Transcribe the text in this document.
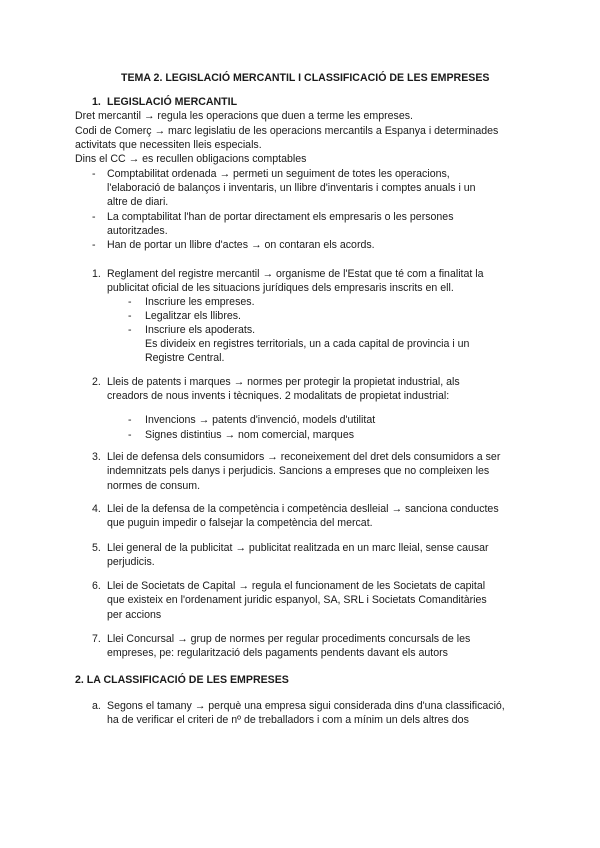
TEMA 2. LEGISLACIÓ MERCANTIL I CLASSIFICACIÓ DE LES EMPRESES
1. LEGISLACIÓ MERCANTIL
Dret mercantil → regula les operacions que duen a terme les empreses.
Codi de Comerç → marc legislatiu de les operacions mercantils a Espanya i determinades
activitats que necessiten lleis especials.
Dins el CC → es recullen obligacions comptables
- Comptabilitat ordenada → permeti un seguiment de totes les operacions,
l'elaboració de balanços i inventaris, un llibre d'inventaris i comptes anuals i un
altre de diari.
- La comptabilitat l'han de portar directament els empresaris o les persones
autoritzades.
- Han de portar un llibre d'actes → on contaran els acords.
1. Reglament del registre mercantil → organisme de l'Estat que té com a finalitat la
publicitat oficial de les situacions jurídiques dels empresaris inscrits en ell.
- Inscriure les empreses.
- Legalitzar els llibres.
- Inscriure els apoderats.
Es divideix en registres territorials, un a cada capital de provincia i un
Registre Central.
2. Lleis de patents i marques → normes per protegir la propietat industrial, als
creadors de nous invents i tècniques. 2 modalitats de propietat industrial:
- Invencions → patents d'invenció, models d'utilitat
- Signes distintius → nom comercial, marques
3. Llei de defensa dels consumidors → reconeixement del dret dels consumidors a ser
indemnitzats pels danys i perjudicis. Sancions a empreses que no compleixen les
normes de consum.
4. Llei de la defensa de la competència i competència deslleial → sanciona conductes
que puguin impedir o falsejar la competència del mercat.
5. Llei general de la publicitat → publicitat realitzada en un marc lleial, sense causar
perjudicis.
6. Llei de Societats de Capital → regula el funcionament de les Societats de capital
que existeix en l'ordenament juridic espanyol, SA, SRL i Societats Comanditàries
per accions
7. Llei Concursal → grup de normes per regular procediments concursals de les
empreses, pe: regularització dels pagaments pendents davant els autors
2. LA CLASSIFICACIÓ DE LES EMPRESES
a. Segons el tamany → perquè una empresa sigui considerada dins d'una classificació,
ha de verificar el criteri de nº de treballadors i com a mínim un dels altres dos
